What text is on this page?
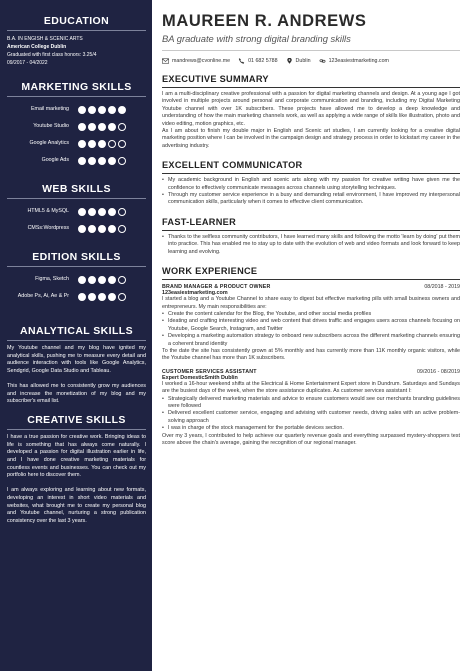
EDUCATION
B.A. IN ENGISH & SCENIC ARTS
American College Dublin
Graduated with first class honors: 3.25/4
09/2017 - 04/2022
MARKETING SKILLS
Email marketing
Youtube Studio
Google Analytics
Google Ads
WEB SKILLS
HTML5 & MySQL
CMSs:Wordpress
EDITION SKILLS
Figma, Sketch
Adobe Ps, Ai, Ae & Pr
ANALYTICAL SKILLS

My Youtube channel and my blog have ignited my analytical skills, pushing me to measure every detail and audience interaction with tools like Google Analytics, Sendgrid, Google Data Studio and Tableau.

This has allowed me to consistently grow my audiences and increase the monetization of my blog and my subscriber's email list.

CREATIVE SKILLS

I have a true passion for creative work. Bringing ideas to life is something that has always come naturally. I developed a passion for digital illustration earlier in life, and I have done creative marketing materials for countless events and businesses. You can check out my portfolio here to discover them.

I am always exploring and learning about new formats, developing an interest in short video materials and websites, what brought me to create my personal blog and Youtube channel, nurturing a strong publication consistency over the last 3 years.

MAUREEN R. ANDREWS
BA graduate with strong digital branding skills
mandrews@cvonline.me	01 682 5788	Dublin	123easiestmarketing.com
EXECUTIVE SUMMARY

I am a multi-disciplinary creative professional with a passion for digital marketing channels and design. At a young age I got involved in multiple projects around personal and corporate communication and branding, including my Digital Marketing Youtube channel with over 1K subscribers. These projects have allowed me to develop a deep knowledge and understanding of how the main marketing channels work, as well as applying a wide range of skills like illustration, photo and video editing, motion graphics, etc.

As I am about to finish my double major in English and Scenic art studies, I am currently looking for a creative digital marketing position where I can be involved in the campaign design and strategy process in order to kickstart my career in the advertising industry.

EXCELLENT COMMUNICATOR
• My academic background in English and scenic arts along with my passion for creative writing have given me the confidence to effectively communicate messages across channels using storytelling techniques.
• Through my customer service experience in a busy and demanding retail environment, I have improved my interpersonal communication skills, particularly when it comes to effective client communication.
FAST-LEARNER
• Thanks to the selfless community contributors, I have learned many skills and following the motto 'learn by doing' put them into practice. This has enabled me to stay up to date with the evolution of web and video formats and look forward to keep learning and evolving.
WORK EXPERIENCE
BRAND MANAGER & PRODUCT OWNER	08/2018 - 2019
123easiestmarketing.com

I started a blog and a Youtube Channel to share easy to digest but effective marketing pills with small business owners and entrepreneurs. My main responsibilities are:

• Create the content calendar for the Blog, the Youtube, and other social media profiles
• Ideating and crafting interesting video and web content that drives traffic and engages users across channels focusing on Youtube, Google Search, Instagram, and Twitter
• Developing a marketing automation strategy to onboard new subscribers across the different marketing channels ensuring a coherent brand identity

To the date the site has consistently grown at 5% monthly and has currently more than 11K monthly organic visitors, while the Youtube channel has more than 1K subscribers.

CUSTOMER SERVICES ASSISTANT	09/2016 - 08/2019
Expert DomesticSmith Dublin

I worked a 16-hour weekend shifts at the Electrical & Home Entertainment Expert store in Dundrum. Saturdays and Sundays are the busiest days of the week, when the store assistance duplicates. As customer services assistant I:

• Strategically delivered marketing materials and advice to ensure customers would see our merchants branding guidelines were followed
• Delivered excellent customer service, engaging and advising with customer needs, driving sales with an active problem-solving approach
• I was in charge of the stock management for the portable devices section.

Over my 3 years, I contributed to help achieve our quarterly revenue goals and everything surpassed mystery-shoppers test score above the chain's average, gaining the recognition of our regional manager.
